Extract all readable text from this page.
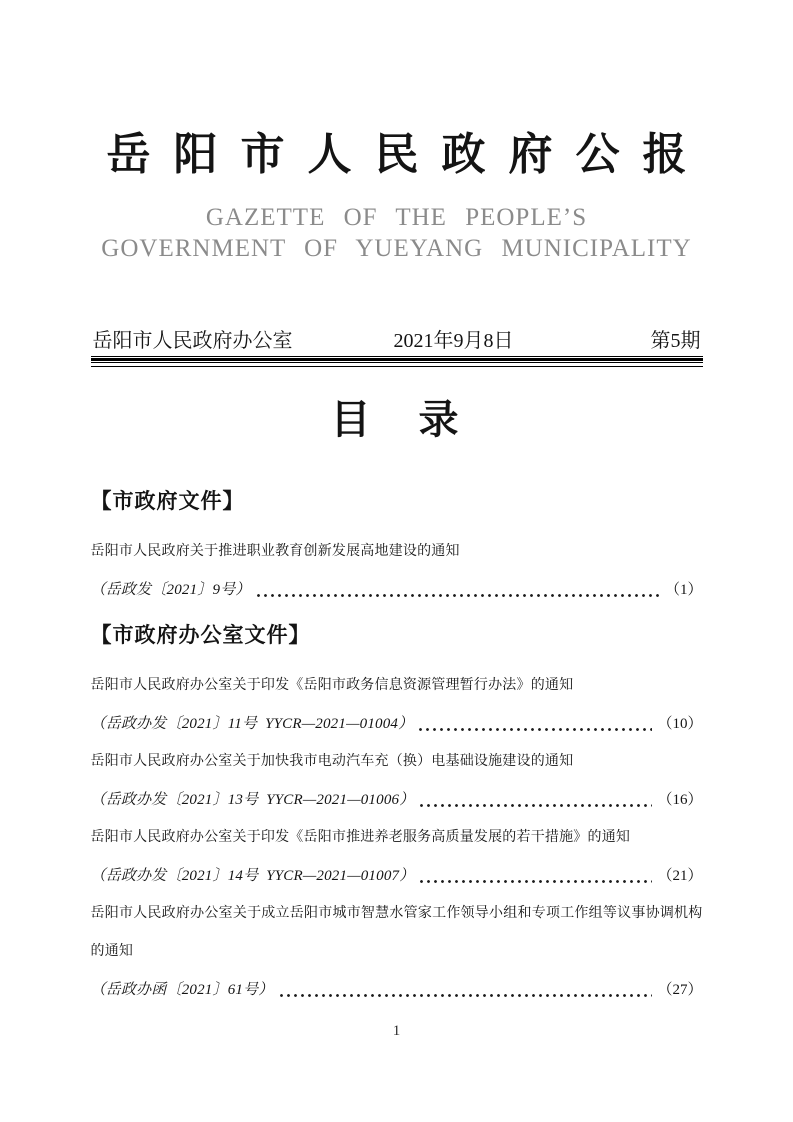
岳阳市人民政府公报
GAZETTE OF THE PEOPLE’S
GOVERNMENT OF YUEYANG MUNICIPALITY
岳阳市人民政府办公室	2021年9月8日	第5期
目　录
【市政府文件】
岳阳市人民政府关于推进职业教育创新发展高地建设的通知
（岳政发〔2021〕9号）	（1）
【市政府办公室文件】
岳阳市人民政府办公室关于印发《岳阳市政务信息资源管理暂行办法》的通知
（岳政办发〔2021〕11号  YYCR—2021—01004）	（10）
岳阳市人民政府办公室关于加快我市电动汽车充（换）电基础设施建设的通知
（岳政办发〔2021〕13号  YYCR—2021—01006）	（16）
岳阳市人民政府办公室关于印发《岳阳市推进养老服务高质量发展的若干措施》的通知
（岳政办发〔2021〕14号  YYCR—2021—01007）	（21）
岳阳市人民政府办公室关于成立岳阳市城市智慧水管家工作领导小组和专项工作组等议事协调机构的通知
（岳政办函〔2021〕61号）	（27）
1
